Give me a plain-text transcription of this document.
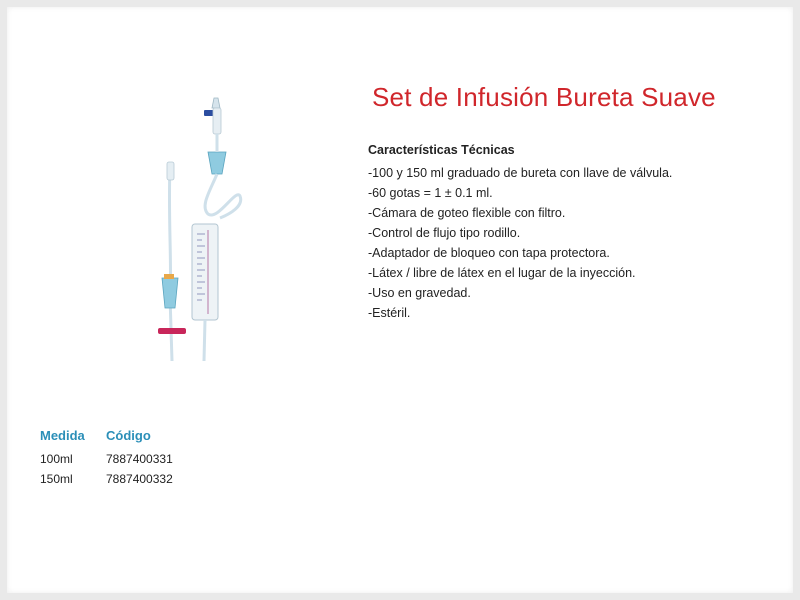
Set de Infusión Bureta Suave
Características Técnicas
-100 y 150 ml graduado de bureta con llave de válvula.
-60 gotas = 1 ± 0.1 ml.
-Cámara de goteo flexible con filtro.
-Control de flujo tipo rodillo.
-Adaptador de bloqueo con tapa protectora.
-Látex / libre de látex en el lugar de la inyección.
-Uso en gravedad.
-Estéril.
Medida Código
100ml	7887400331
150ml	7887400332
